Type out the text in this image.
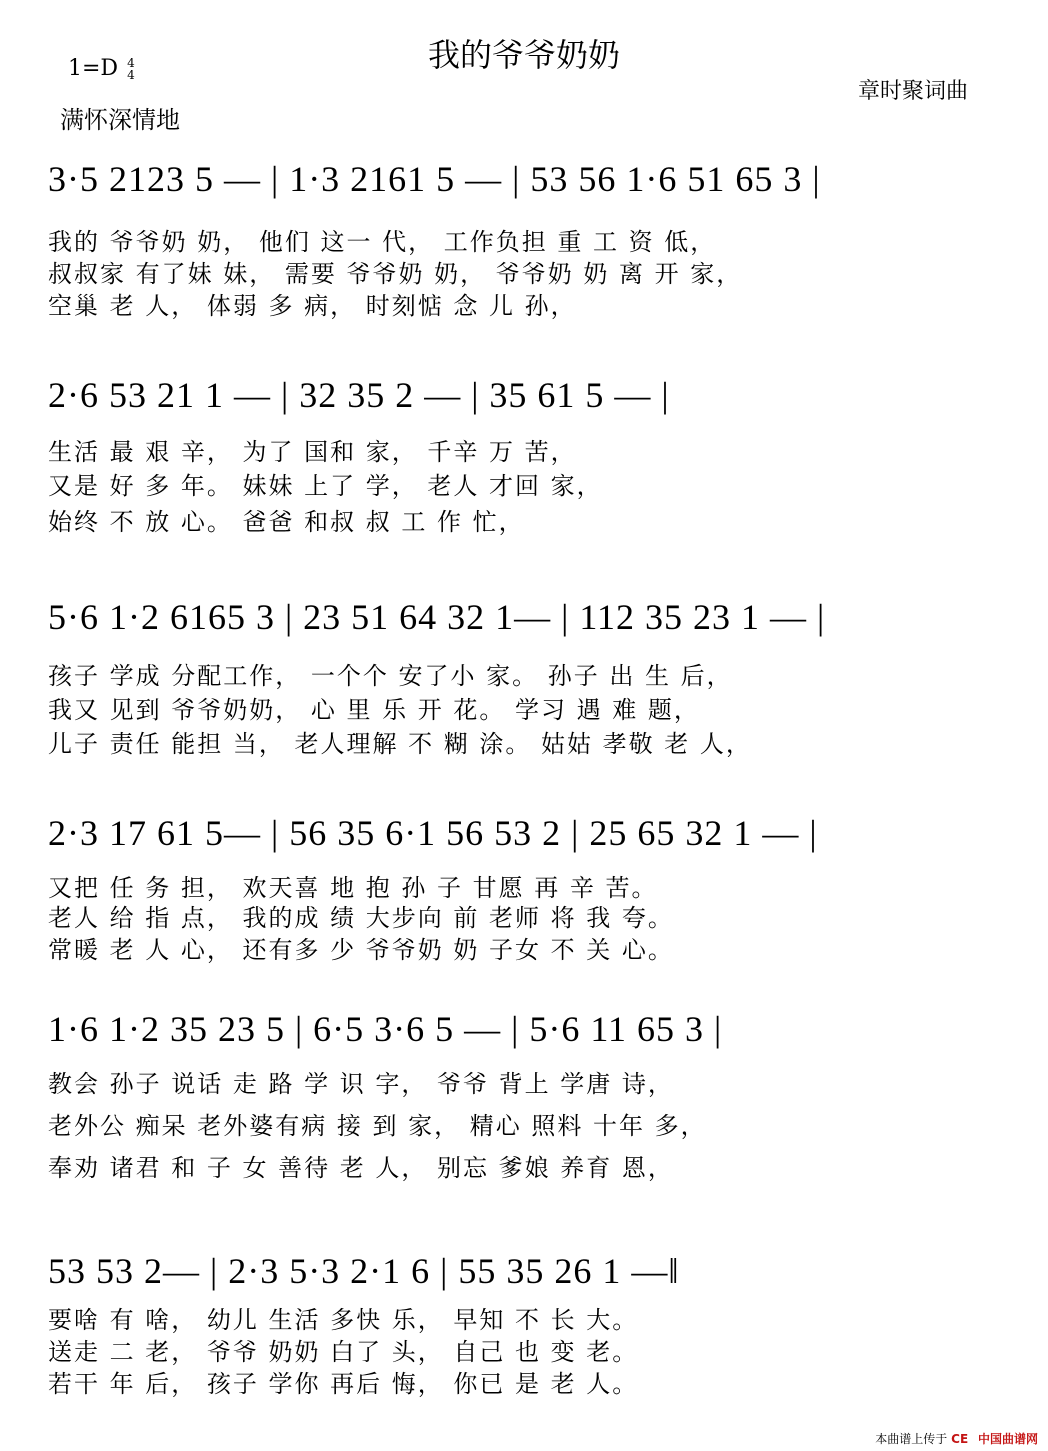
我的爷爷奶奶
1=D 4
4
满怀深情地
章时聚词曲
3·5 2123 5 — | 1·3 2161 5 — | 53 56 1·6 51 65 3 |
我的 爷爷奶 奶， 他们 这一 代， 工作负担 重 工 资 低，
叔叔家 有了妹 妹， 需要 爷爷奶 奶， 爷爷奶 奶 离 开 家，
空巢 老 人， 体弱 多 病， 时刻惦 念 儿 孙，
2·6 53 21 1 — | 32 35 2 — | 35 61 5 — |
生活 最 艰 辛， 为了 国和 家， 千辛 万 苦，
又是 好 多 年。 妹妹 上了 学， 老人 才回 家，
始终 不 放 心。 爸爸 和叔 叔 工 作 忙，
5·6 1·2 6165 3 | 23 51 64 32 1— | 112 35 23 1 — |
孩子 学成 分配工作， 一个个 安了小 家。 孙子 出 生 后，
我又 见到 爷爷奶奶， 心 里 乐 开 花。 学习 遇 难 题，
儿子 责任 能担 当， 老人理解 不 糊 涂。 姑姑 孝敬 老 人，
2·3 17 61 5— | 56 35 6·1 56 53 2 | 25 65 32 1 — |
又把 任 务 担， 欢天喜 地 抱 孙 子 甘愿 再 辛 苦。
老人 给 指 点， 我的成 绩 大步向 前 老师 将 我 夸。
常暖 老 人 心， 还有多 少 爷爷奶 奶 子女 不 关 心。
1·6 1·2 35 23 5 | 6·5 3·6 5 — | 5·6 11 65 3 |
教会 孙子 说话 走 路 学 识 字， 爷爷 背上 学唐 诗，
老外公 痴呆 老外婆有病 接 到 家， 精心 照料 十年 多，
奉劝 诸君 和 子 女 善待 老 人， 别忘 爹娘 养育 恩，
53 53 2— | 2·3 5·3 2·1 6 | 55 35 26 1 —‖
要啥 有 啥， 幼儿 生活 多快 乐， 早知 不 长 大。
送走 二 老， 爷爷 奶奶 白了 头， 自己 也 变 老。
若干 年 后， 孩子 学你 再后 悔， 你已 是 老 人。
本曲谱上传于 CE 中国曲谱网
